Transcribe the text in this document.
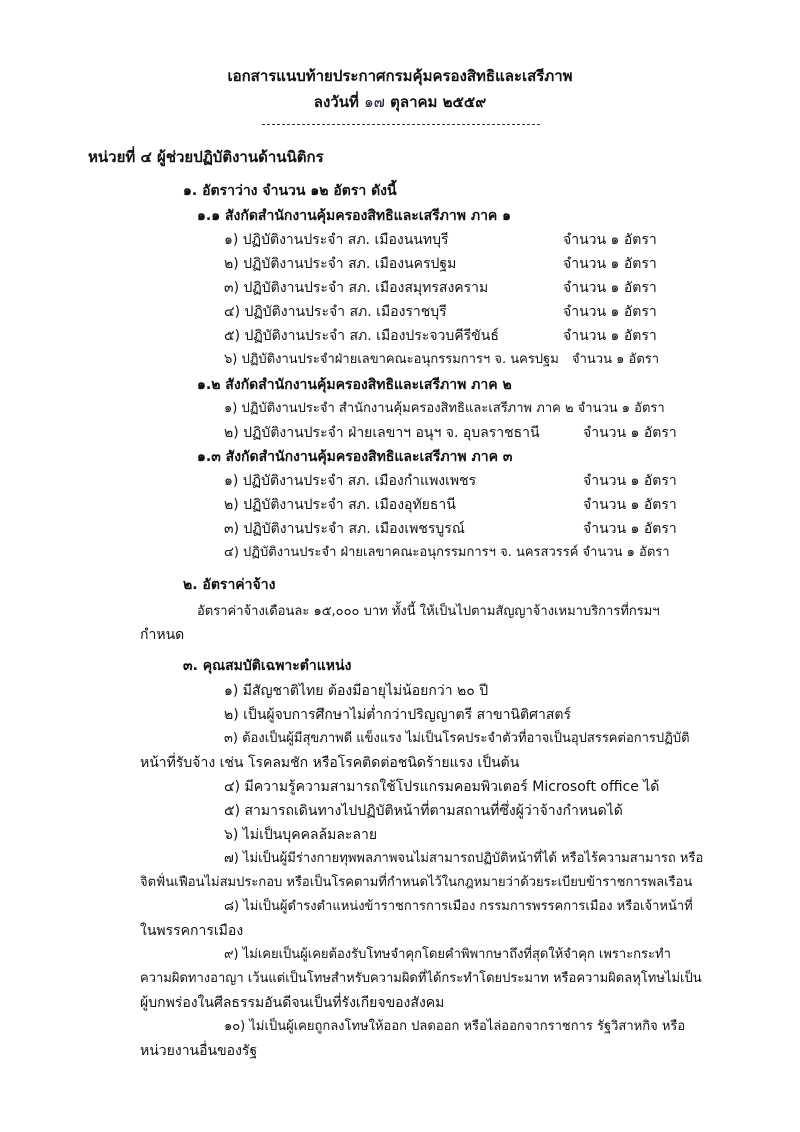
เอกสารแนบท้ายประกาศกรมคุ้มครองสิทธิและเสรีภาพ
ลงวันที่ ๑๗ ตุลาคม ๒๕๕๙
หน่วยที่ ๔ ผู้ช่วยปฏิบัติงานด้านนิติกร
๑. อัตราว่าง จำนวน ๑๒ อัตรา ดังนี้
๑.๑ สังกัดสำนักงานคุ้มครองสิทธิและเสรีภาพ ภาค ๑
๑) ปฏิบัติงานประจำ สภ. เมืองนนทบุรี	จำนวน ๑ อัตรา
๒) ปฏิบัติงานประจำ สภ. เมืองนครปฐม	จำนวน ๑ อัตรา
๓) ปฏิบัติงานประจำ สภ. เมืองสมุทรสงคราม	จำนวน ๑ อัตรา
๔) ปฏิบัติงานประจำ สภ. เมืองราชบุรี	จำนวน ๑ อัตรา
๕) ปฏิบัติงานประจำ สภ. เมืองประจวบคีรีขันธ์	จำนวน ๑ อัตรา
๖) ปฏิบัติงานประจำฝ่ายเลขาคณะอนุกรรมการฯ จ. นครปฐม จำนวน ๑ อัตรา
๑.๒ สังกัดสำนักงานคุ้มครองสิทธิและเสรีภาพ ภาค ๒
๑) ปฏิบัติงานประจำ สำนักงานคุ้มครองสิทธิและเสรีภาพ ภาค ๒ จำนวน ๑ อัตรา
๒) ปฏิบัติงานประจำ ฝ่ายเลขาฯ อนุฯ จ. อุบลราชธานี	จำนวน ๑ อัตรา
๑.๓ สังกัดสำนักงานคุ้มครองสิทธิและเสรีภาพ ภาค ๓
๑) ปฏิบัติงานประจำ สภ. เมืองกำแพงเพชร	จำนวน ๑ อัตรา
๒) ปฏิบัติงานประจำ สภ. เมืองอุทัยธานี	จำนวน ๑ อัตรา
๓) ปฏิบัติงานประจำ สภ. เมืองเพชรบูรณ์	จำนวน ๑ อัตรา
๔) ปฏิบัติงานประจำ ฝ่ายเลขาคณะอนุกรรมการฯ จ. นครสวรรค์ จำนวน ๑ อัตรา
๒. อัตราค่าจ้าง
อัตราค่าจ้างเดือนละ ๑๕,๐๐๐ บาท ทั้งนี้ ให้เป็นไปตามสัญญาจ้างเหมาบริการที่กรมฯ
กำหนด
๓. คุณสมบัติเฉพาะตำแหน่ง
๑) มีสัญชาติไทย ต้องมีอายุไม่น้อยกว่า ๒๐ ปี
๒) เป็นผู้จบการศึกษาไม่ต่ำกว่าปริญญาตรี สาขานิติศาสตร์
๓) ต้องเป็นผู้มีสุขภาพดี แข็งแรง ไม่เป็นโรคประจำตัวที่อาจเป็นอุปสรรคต่อการปฏิบัติ
หน้าที่รับจ้าง เช่น โรคลมชัก หรือโรคติดต่อชนิดร้ายแรง เป็นต้น
๔) มีความรู้ความสามารถใช้โปรแกรมคอมพิวเตอร์ Microsoft office ได้
๕) สามารถเดินทางไปปฏิบัติหน้าที่ตามสถานที่ซึ่งผู้ว่าจ้างกำหนดได้
๖) ไม่เป็นบุคคลล้มละลาย
๗) ไม่เป็นผู้มีร่างกายทุพพลภาพจนไม่สามารถปฏิบัติหน้าที่ได้ หรือไร้ความสามารถ หรือ
จิตฟั่นเฟือนไม่สมประกอบ หรือเป็นโรคตามที่กำหนดไว้ในกฎหมายว่าด้วยระเบียบข้าราชการพลเรือน
๘) ไม่เป็นผู้ดำรงตำแหน่งข้าราชการการเมือง กรรมการพรรคการเมือง หรือเจ้าหน้าที่
ในพรรคการเมือง
๙) ไม่เคยเป็นผู้เคยต้องรับโทษจำคุกโดยคำพิพากษาถึงที่สุดให้จำคุก เพราะกระทำ
ความผิดทางอาญา เว้นแต่เป็นโทษสำหรับความผิดที่ได้กระทำโดยประมาท หรือความผิดลหุโทษไม่เป็น
ผู้บกพร่องในศีลธรรมอันดีจนเป็นที่รังเกียจของสังคม
๑๐) ไม่เป็นผู้เคยถูกลงโทษให้ออก ปลดออก หรือไล่ออกจากราชการ รัฐวิสาหกิจ หรือ
หน่วยงานอื่นของรัฐ
